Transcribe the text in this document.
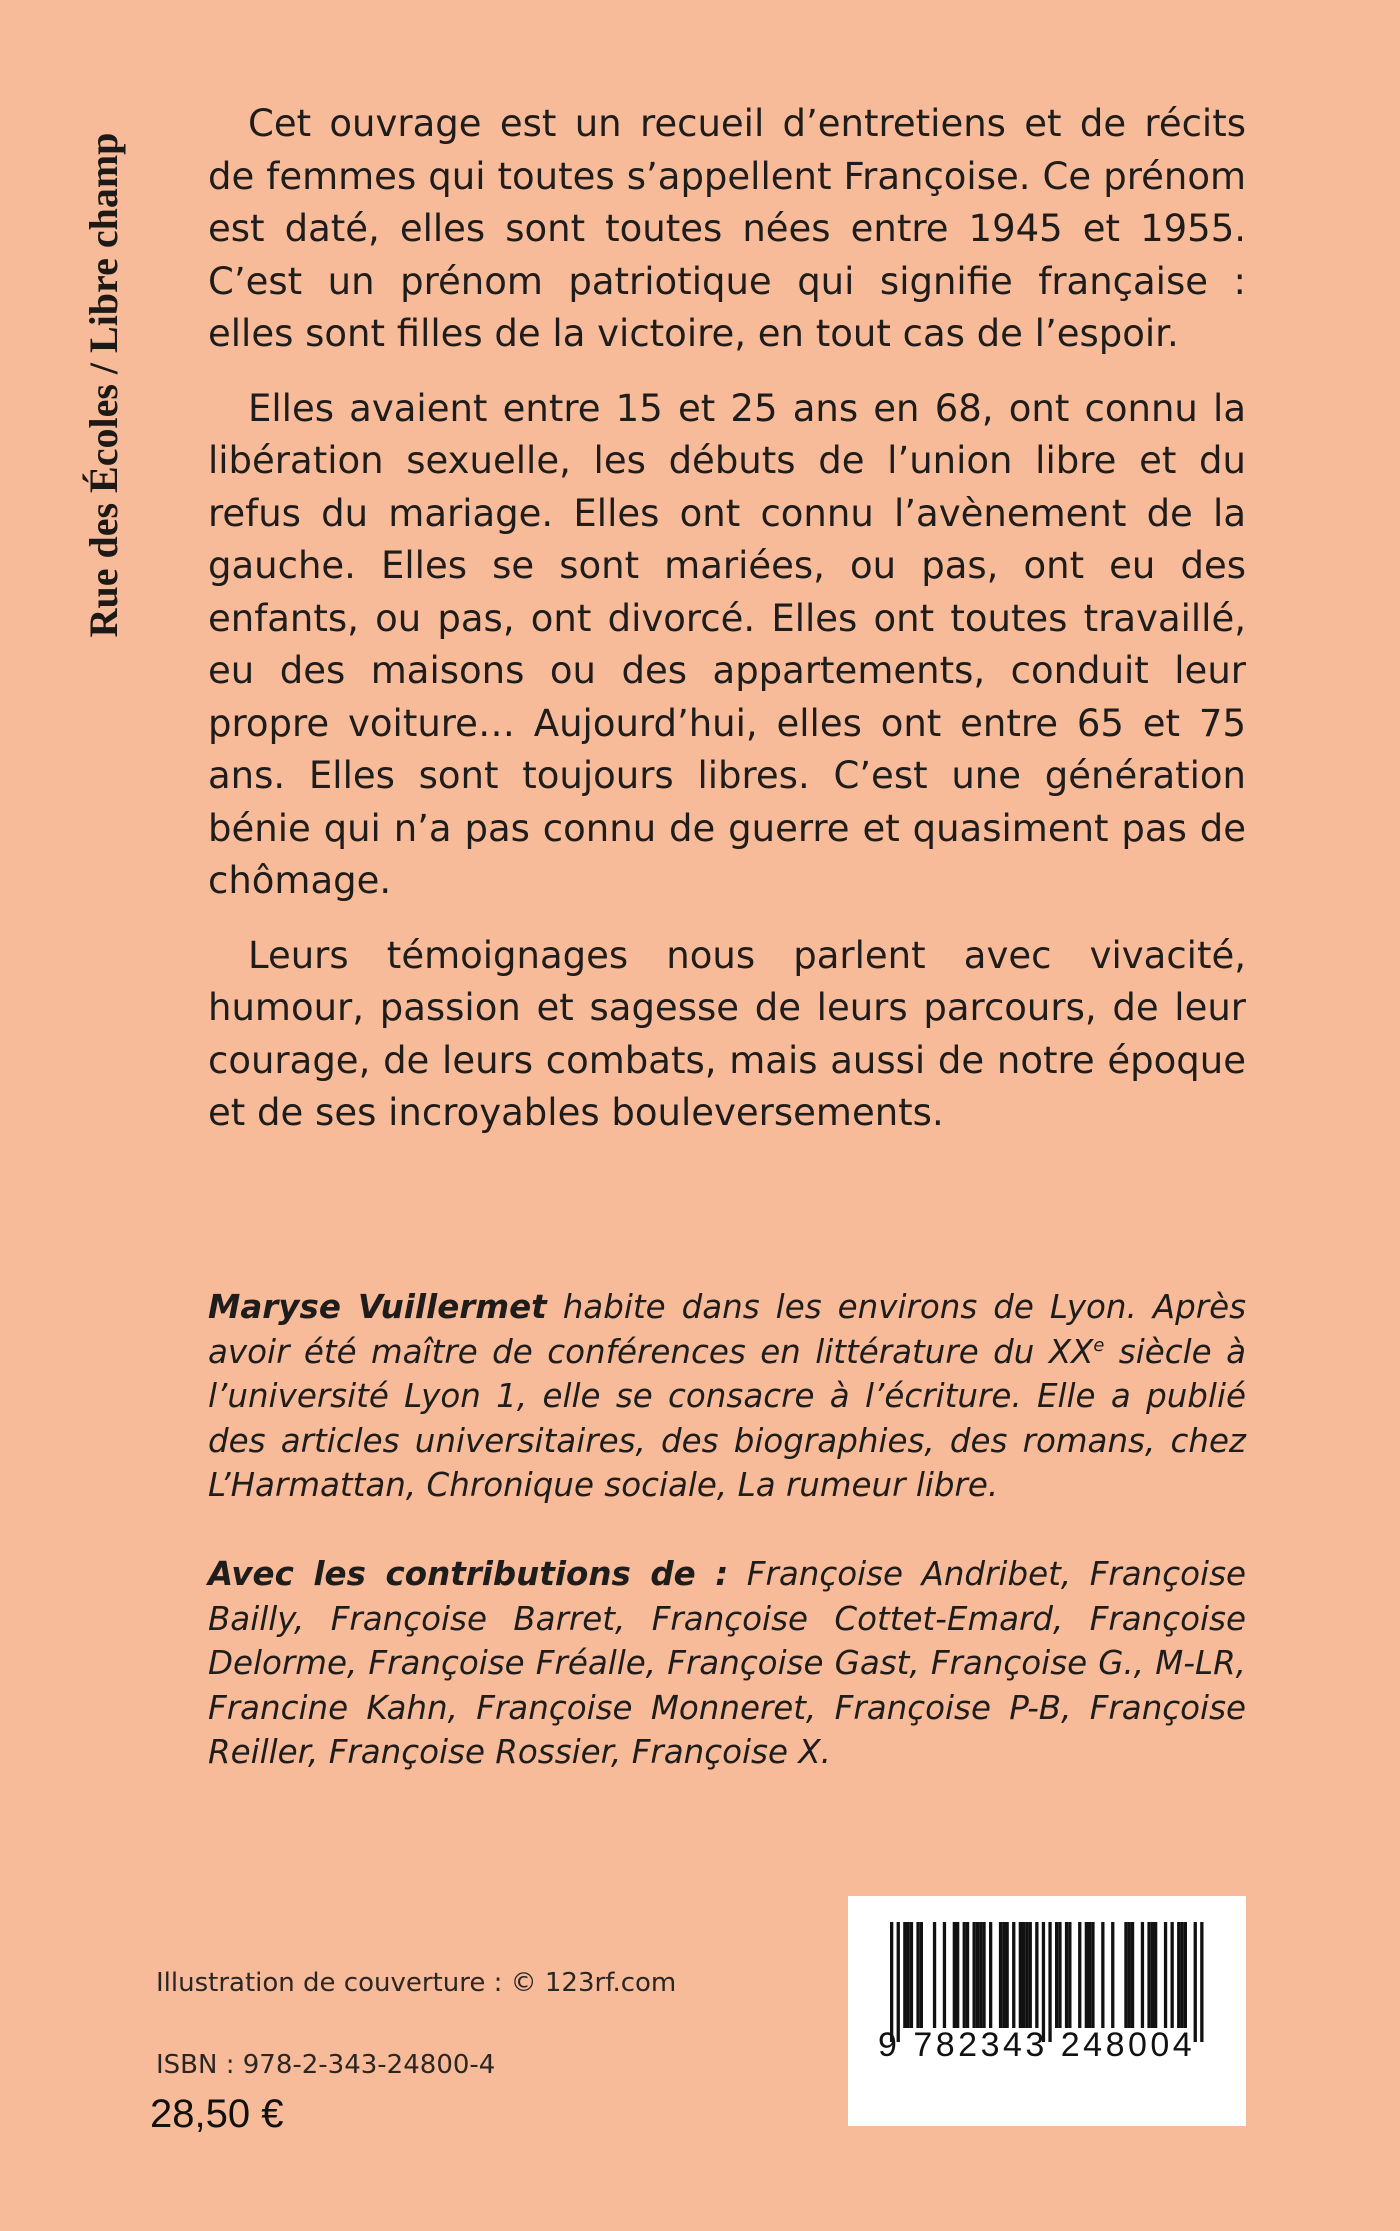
Rue des Écoles / Libre champ

Cet ouvrage est un recueil d’entretiens et de récits de femmes qui toutes s’appellent Françoise. Ce prénom est daté, elles sont toutes nées entre 1945 et 1955. C’est un prénom patriotique qui signifie française : elles sont filles de la victoire, en tout cas de l’espoir.

Elles avaient entre 15 et 25 ans en 68, ont connu la libération sexuelle, les débuts de l’union libre et du refus du mariage. Elles ont connu l’avènement de la gauche. Elles se sont mariées, ou pas, ont eu des enfants, ou pas, ont divorcé. Elles ont toutes travaillé, eu des maisons ou des appartements, conduit leur propre voiture… Aujourd’hui, elles ont entre 65 et 75 ans. Elles sont toujours libres. C’est une génération bénie qui n’a pas connu de guerre et quasiment pas de chômage.

Leurs témoignages nous parlent avec vivacité, humour, passion et sagesse de leurs parcours, de leur courage, de leurs combats, mais aussi de notre époque et de ses incroyables bouleversements.

Maryse Vuillermet habite dans les environs de Lyon. Après avoir été maître de conférences en littérature du XXe siècle à l’université Lyon 1, elle se consacre à l’écriture. Elle a publié des articles universitaires, des biographies, des romans, chez L’Harmattan, Chronique sociale, La rumeur libre.

Avec les contributions de : Françoise Andribet, Françoise Bailly, Françoise Barret, Françoise Cottet-Emard, Françoise Delorme, Françoise Fréalle, Françoise Gast, Françoise G., M-LR, Francine Kahn, Françoise Monneret, Françoise P-B, Françoise Reiller, Françoise Rossier, Françoise X.

Illustration de couverture : © 123rf.com
ISBN : 978-2-343-24800-4
28,50 €
9 782343 248004
